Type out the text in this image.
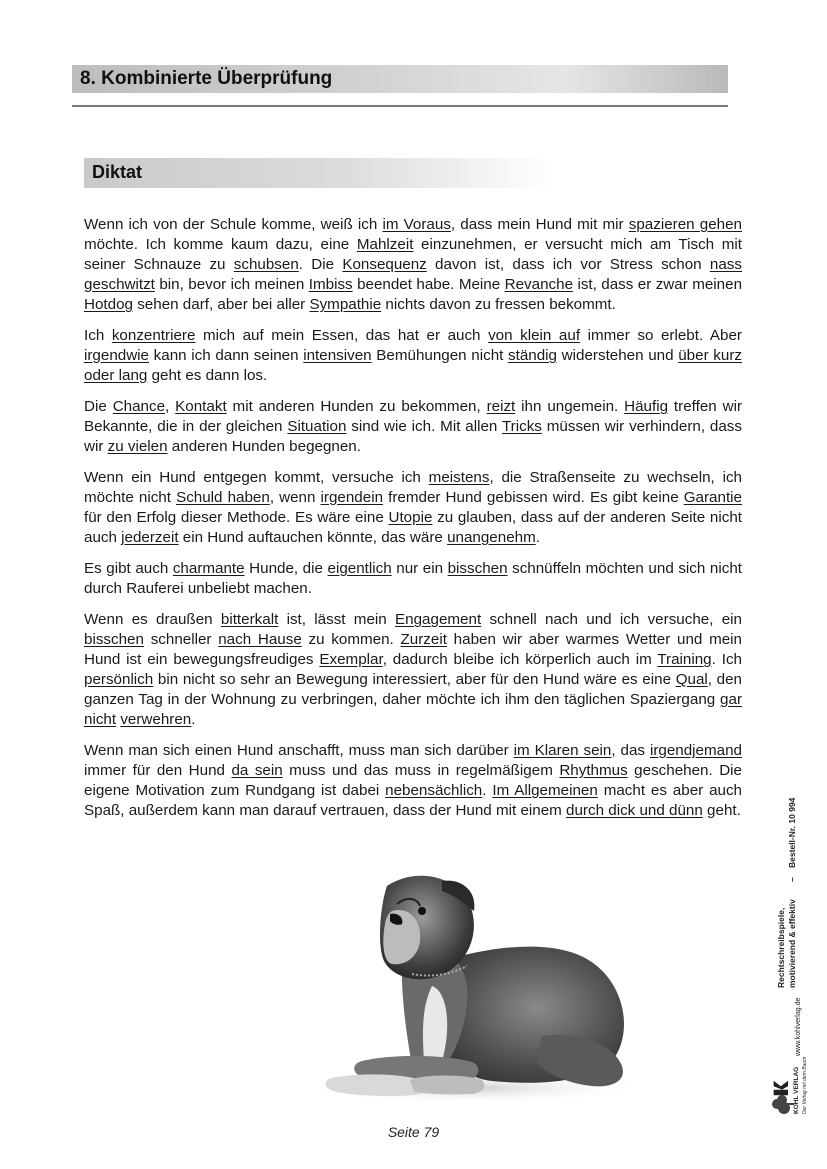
8. Kombinierte Überprüfung
Diktat

Wenn ich von der Schule komme, weiß ich im Voraus, dass mein Hund mit mir spazieren gehen möchte. Ich komme kaum dazu, eine Mahlzeit einzunehmen, er versucht mich am Tisch mit seiner Schnauze zu schubsen. Die Konsequenz davon ist, dass ich vor Stress schon nass geschwitzt bin, bevor ich meinen Imbiss beendet habe. Meine Revanche ist, dass er zwar meinen Hotdog sehen darf, aber bei aller Sympathie nichts davon zu fressen bekommt.

Ich konzentriere mich auf mein Essen, das hat er auch von klein auf immer so erlebt. Aber irgendwie kann ich dann seinen intensiven Bemühungen nicht ständig widerstehen und über kurz oder lang geht es dann los.

Die Chance, Kontakt mit anderen Hunden zu bekommen, reizt ihn ungemein. Häufig treffen wir Bekannte, die in der gleichen Situation sind wie ich. Mit allen Tricks müssen wir verhindern, dass wir zu vielen anderen Hunden begegnen.

Wenn ein Hund entgegen kommt, versuche ich meistens, die Straßenseite zu wechseln, ich möchte nicht Schuld haben, wenn irgendein fremder Hund gebissen wird. Es gibt keine Garantie für den Erfolg dieser Methode. Es wäre eine Utopie zu glauben, dass auf der anderen Seite nicht auch jederzeit ein Hund auftauchen könnte, das wäre unangenehm.

Es gibt auch charmante Hunde, die eigentlich nur ein bisschen schnüffeln möchten und sich nicht durch Rauferei unbeliebt machen.

Wenn es draußen bitterkalt ist, lässt mein Engagement schnell nach und ich versuche, ein bisschen schneller nach Hause zu kommen. Zurzeit haben wir aber warmes Wetter und mein Hund ist ein bewegungsfreudiges Exemplar, dadurch bleibe ich körperlich auch im Training. Ich persönlich bin nicht so sehr an Bewegung interessiert, aber für den Hund wäre es eine Qual, den ganzen Tag in der Wohnung zu verbringen, daher möchte ich ihm den täglichen Spaziergang gar nicht verwehren.

Wenn man sich einen Hund anschafft, muss man sich darüber im Klaren sein, das irgendjemand immer für den Hund da sein muss und das muss in regelmäßigem Rhythmus geschehen. Die eigene Motivation zum Rundgang ist dabei nebensächlich. Im Allgemeinen macht es aber auch Spaß, außerdem kann man darauf vertrauen, dass der Hund mit einem durch dick und dünn geht.

Seite 79
KOHL VERLAG Der Verlag mit dem Baum
www.kohlverlag.de
Rechtschreibspiele, motivierend & effektiv
–
Bestell-Nr. 10 994
